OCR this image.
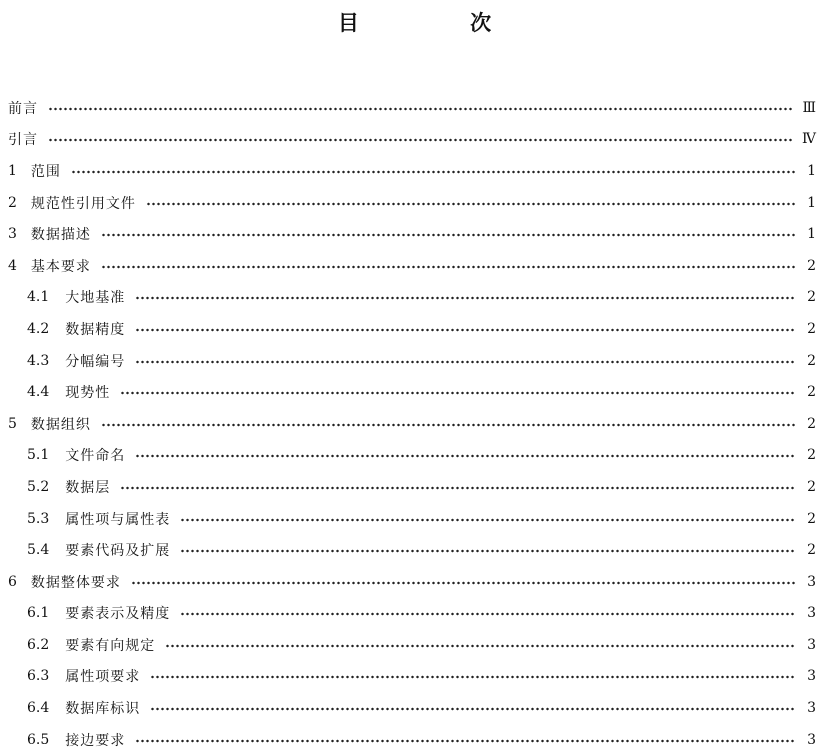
目 次
前言	Ⅲ
引言	Ⅳ
1 范围	1
2 规范性引用文件	1
3 数据描述	1
4 基本要求	2
4.1 大地基准	2
4.2 数据精度	2
4.3 分幅编号	2
4.4 现势性	2
5 数据组织	2
5.1 文件命名	2
5.2 数据层	2
5.3 属性项与属性表	2
5.4 要素代码及扩展	2
6 数据整体要求	3
6.1 要素表示及精度	3
6.2 要素有向规定	3
6.3 属性项要求	3
6.4 数据库标识	3
6.5 接边要求	3
